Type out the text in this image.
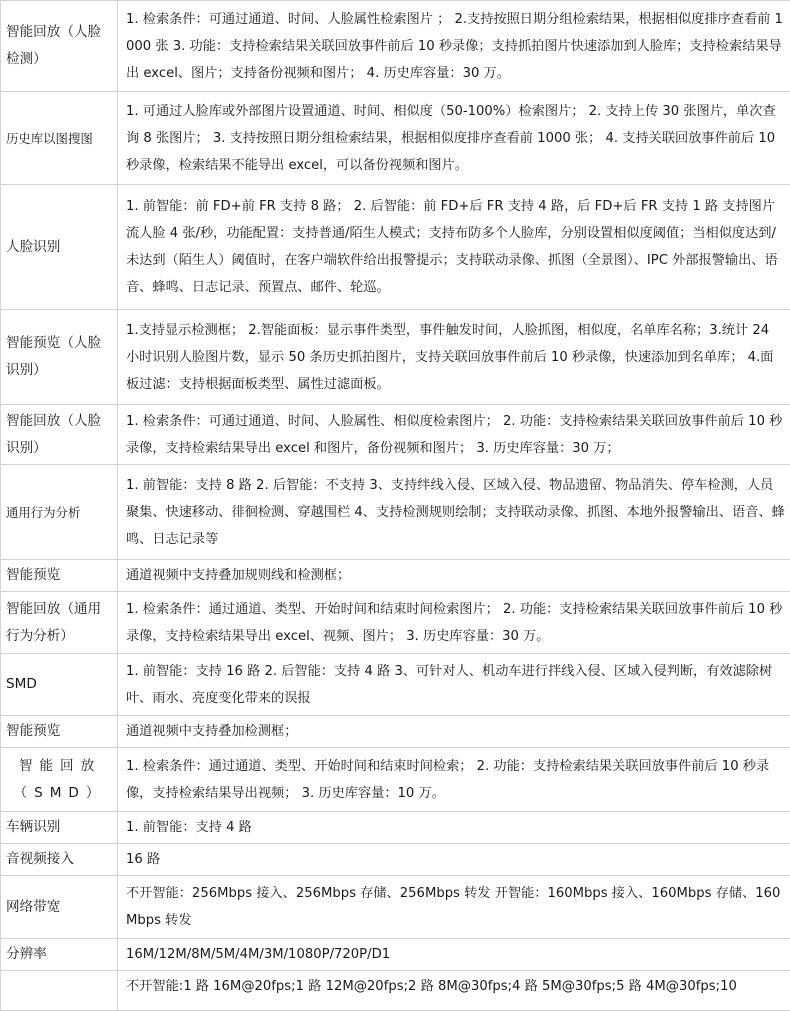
智能回放（人脸检测）	1. 检索条件：可通过通道、时间、人脸属性检索图片 ； 2.支持按照日期分组检索结果，根据相似度排序查看前 1000 张 3. 功能：支持检索结果关联回放事件前后 10 秒录像；支持抓拍图片快速添加到人脸库；支持检索结果导出 excel、图片；支持备份视频和图片； 4. 历史库容量：30 万。
历史库以图搜图	1. 可通过人脸库或外部图片设置通道、时间、相似度（50-100%）检索图片； 2. 支持上传 30 张图片，单次查询 8 张图片； 3. 支持按照日期分组检索结果，根据相似度排序查看前 1000 张； 4. 支持关联回放事件前后 10 秒录像，检索结果不能导出 excel，可以备份视频和图片。
人脸识别	1. 前智能：前 FD+前 FR 支持 8 路； 2. 后智能：前 FD+后 FR 支持 4 路，后 FD+后 FR 支持 1 路 支持图片流人脸 4 张/秒，功能配置：支持普通/陌生人模式；支持布防多个人脸库，分别设置相似度阈值；当相似度达到/未达到（陌生人）阈值时，在客户端软件给出报警提示；支持联动录像、抓图（全景图）、IPC 外部报警输出、语音、蜂鸣、日志记录、预置点、邮件、轮巡。
智能预览（人脸识别）	1.支持显示检测框； 2.智能面板：显示事件类型，事件触发时间，人脸抓图，相似度，名单库名称；3.统计 24 小时识别人脸图片数，显示 50 条历史抓拍图片，支持关联回放事件前后 10 秒录像，快速添加到名单库； 4.面板过滤：支持根据面板类型、属性过滤面板。
智能回放（人脸识别）	1. 检索条件：可通过通道、时间、人脸属性、相似度检索图片； 2. 功能：支持检索结果关联回放事件前后 10 秒录像，支持检索结果导出 excel 和图片，备份视频和图片； 3. 历史库容量：30 万；
通用行为分析	1. 前智能：支持 8 路 2. 后智能：不支持 3、支持绊线入侵、区域入侵、物品遗留、物品消失、停车检测，人员聚集、快速移动、徘徊检测、穿越围栏 4、支持检测规则绘制；支持联动录像、抓图、本地外报警输出、语音、蜂鸣、日志记录等
智能预览	通道视频中支持叠加规则线和检测框；
智能回放（通用行为分析）	1. 检索条件：通过通道、类型、开始时间和结束时间检索图片； 2. 功能：支持检索结果关联回放事件前后 10 秒录像，支持检索结果导出 excel、视频、图片； 3. 历史库容量：30 万。
SMD	1. 前智能：支持 16 路 2. 后智能：支持 4 路 3、可针对人、机动车进行拌线入侵、区域入侵判断，有效滤除树叶、雨水、亮度变化带来的误报
智能预览	通道视频中支持叠加检测框；
智能回放（SMD）	1. 检索条件：通过通道、类型、开始时间和结束时间检索； 2. 功能：支持检索结果关联回放事件前后 10 秒录像，支持检索结果导出视频； 3. 历史库容量：10 万。
车辆识别	1. 前智能：支持 4 路
音视频接入	16 路
网络带宽	不开智能：256Mbps 接入、256Mbps 存储、256Mbps 转发 开智能：160Mbps 接入、160Mbps 存储、160Mbps 转发
分辨率	16M/12M/8M/5M/4M/3M/1080P/720P/D1
	不开智能:1 路 16M@20fps;1 路 12M@20fps;2 路 8M@30fps;4 路 5M@30fps;5 路 4M@30fps;10
